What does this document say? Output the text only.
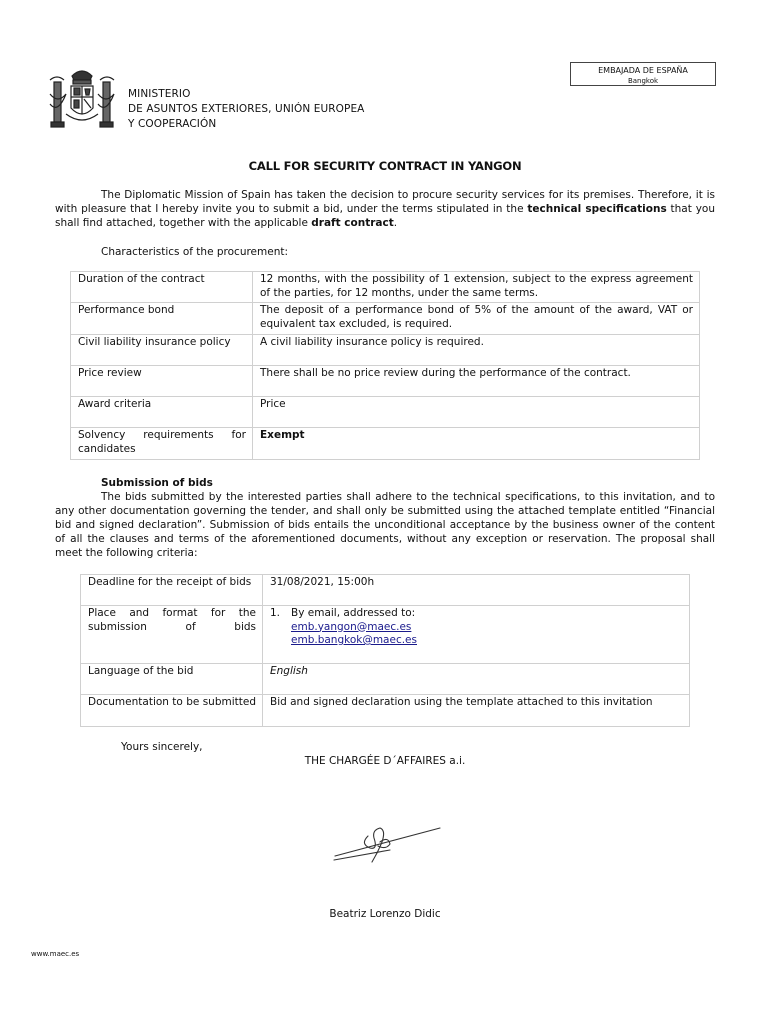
MINISTERIO
DE ASUNTOS EXTERIORES, UNIÓN EUROPEA
Y COOPERACIÓN
EMBAJADA DE ESPAÑA
Bangkok
CALL FOR SECURITY CONTRACT IN YANGON
The Diplomatic Mission of Spain has taken the decision to procure security services for its premises. Therefore, it is with pleasure that I hereby invite you to submit a bid, under the terms stipulated in the technical specifications that you shall find attached, together with the applicable draft contract.
Characteristics of the procurement:
Duration of the contract	12 months, with the possibility of 1 extension, subject to the express agreement of the parties, for 12 months, under the same terms.
Performance bond	The deposit of a performance bond of 5% of the amount of the award, VAT or equivalent tax excluded, is required.
Civil liability insurance policy	A civil liability insurance policy is required.
Price review	There shall be no price review during the performance of the contract.
Award criteria	Price
Solvency requirements for candidates	Exempt
Submission of bids
The bids submitted by the interested parties shall adhere to the technical specifications, to this invitation, and to any other documentation governing the tender, and shall only be submitted using the attached template entitled “Financial bid and signed declaration”. Submission of bids entails the unconditional acceptance by the business owner of the content of all the clauses and terms of the aforementioned documents, without any exception or reservation. The proposal shall meet the following criteria:
Deadline for the receipt of bids	31/08/2021, 15:00h
Place and format for the submission of bids	1. By email, addressed to:
emb.yangon@maec.es
emb.bangkok@maec.es
Language of the bid	English
Documentation to be submitted	Bid and signed declaration using the template attached to this invitation
Yours sincerely,
THE CHARGÉE D´AFFAIRES a.i.
Beatriz Lorenzo Didic
www.maec.es
